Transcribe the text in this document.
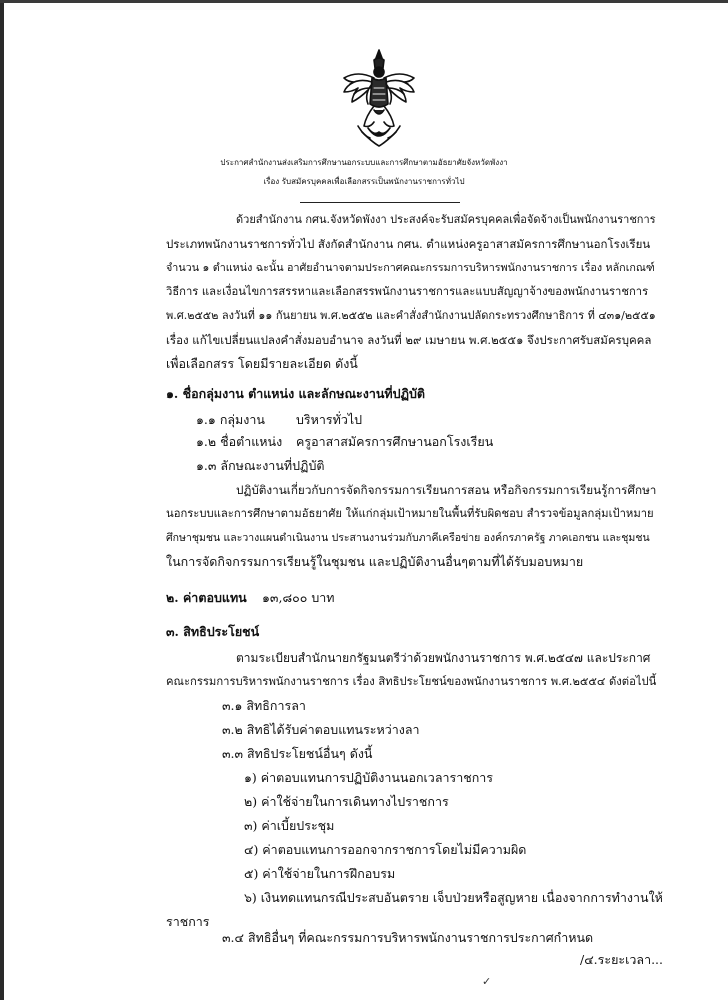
ประกาศสำนักงานส่งเสริมการศึกษานอกระบบและการศึกษาตามอัธยาศัยจังหวัดพังงา
เรื่อง รับสมัครบุคคลเพื่อเลือกสรรเป็นพนักงานราชการทั่วไป
ด้วยสำนักงาน กศน.จังหวัดพังงา ประสงค์จะรับสมัครบุคคลเพื่อจัดจ้างเป็นพนักงานราชการ
ประเภทพนักงานราชการทั่วไป สังกัดสำนักงาน กศน. ตำแหน่งครูอาสาสมัครการศึกษานอกโรงเรียน
จำนวน ๑ ตำแหน่ง ฉะนั้น อาศัยอำนาจตามประกาศคณะกรรมการบริหารพนักงานราชการ เรื่อง หลักเกณฑ์
วิธีการ และเงื่อนไขการสรรหาและเลือกสรรพนักงานราชการและแบบสัญญาจ้างของพนักงานราชการ
พ.ศ.๒๕๕๒ ลงวันที่ ๑๑ กันยายน พ.ศ.๒๕๕๒ และคำสั่งสำนักงานปลัดกระทรวงศึกษาธิการ ที่ ๔๓๑/๒๕๕๑
เรื่อง แก้ไขเปลี่ยนแปลงคำสั่งมอบอำนาจ ลงวันที่ ๒๙ เมษายน พ.ศ.๒๕๕๑ จึงประกาศรับสมัครบุคคล
เพื่อเลือกสรร โดยมีรายละเอียด ดังนี้
๑. ชื่อกลุ่มงาน ตำแหน่ง และลักษณะงานที่ปฏิบัติ
๑.๑ กลุ่มงาน บริหารทั่วไป
๑.๒ ชื่อตำแหน่ง ครูอาสาสมัครการศึกษานอกโรงเรียน
๑.๓ ลักษณะงานที่ปฏิบัติ
ปฏิบัติงานเกี่ยวกับการจัดกิจกรรมการเรียนการสอน หรือกิจกรรมการเรียนรู้การศึกษา
นอกระบบและการศึกษาตามอัธยาศัย ให้แก่กลุ่มเป้าหมายในพื้นที่รับผิดชอบ สำรวจข้อมูลกลุ่มเป้าหมาย
ศึกษาชุมชน และวางแผนดำเนินงาน ประสานงานร่วมกับภาคีเครือข่าย องค์กรภาครัฐ ภาคเอกชน และชุมชน
ในการจัดกิจกรรมการเรียนรู้ในชุมชน และปฏิบัติงานอื่นๆตามที่ได้รับมอบหมาย
๒. ค่าตอบแทน ๑๓,๘๐๐ บาท
๓. สิทธิประโยชน์
ตามระเบียบสำนักนายกรัฐมนตรีว่าด้วยพนักงานราชการ พ.ศ.๒๕๔๗ และประกาศ
คณะกรรมการบริหารพนักงานราชการ เรื่อง สิทธิประโยชน์ของพนักงานราชการ พ.ศ.๒๕๕๔ ดังต่อไปนี้
๓.๑ สิทธิการลา
๓.๒ สิทธิได้รับค่าตอบแทนระหว่างลา
๓.๓ สิทธิประโยชน์อื่นๆ ดังนี้
๑) ค่าตอบแทนการปฏิบัติงานนอกเวลาราชการ
๒) ค่าใช้จ่ายในการเดินทางไปราชการ
๓) ค่าเบี้ยประชุม
๔) ค่าตอบแทนการออกจากราชการโดยไม่มีความผิด
๕) ค่าใช้จ่ายในการฝึกอบรม
๖) เงินทดแทนกรณีประสบอันตราย เจ็บป่วยหรือสูญหาย เนื่องจากการทำงานให้
ราชการ
๓.๔ สิทธิอื่นๆ ที่คณะกรรมการบริหารพนักงานราชการประกาศกำหนด
/๔.ระยะเวลา...
✓
